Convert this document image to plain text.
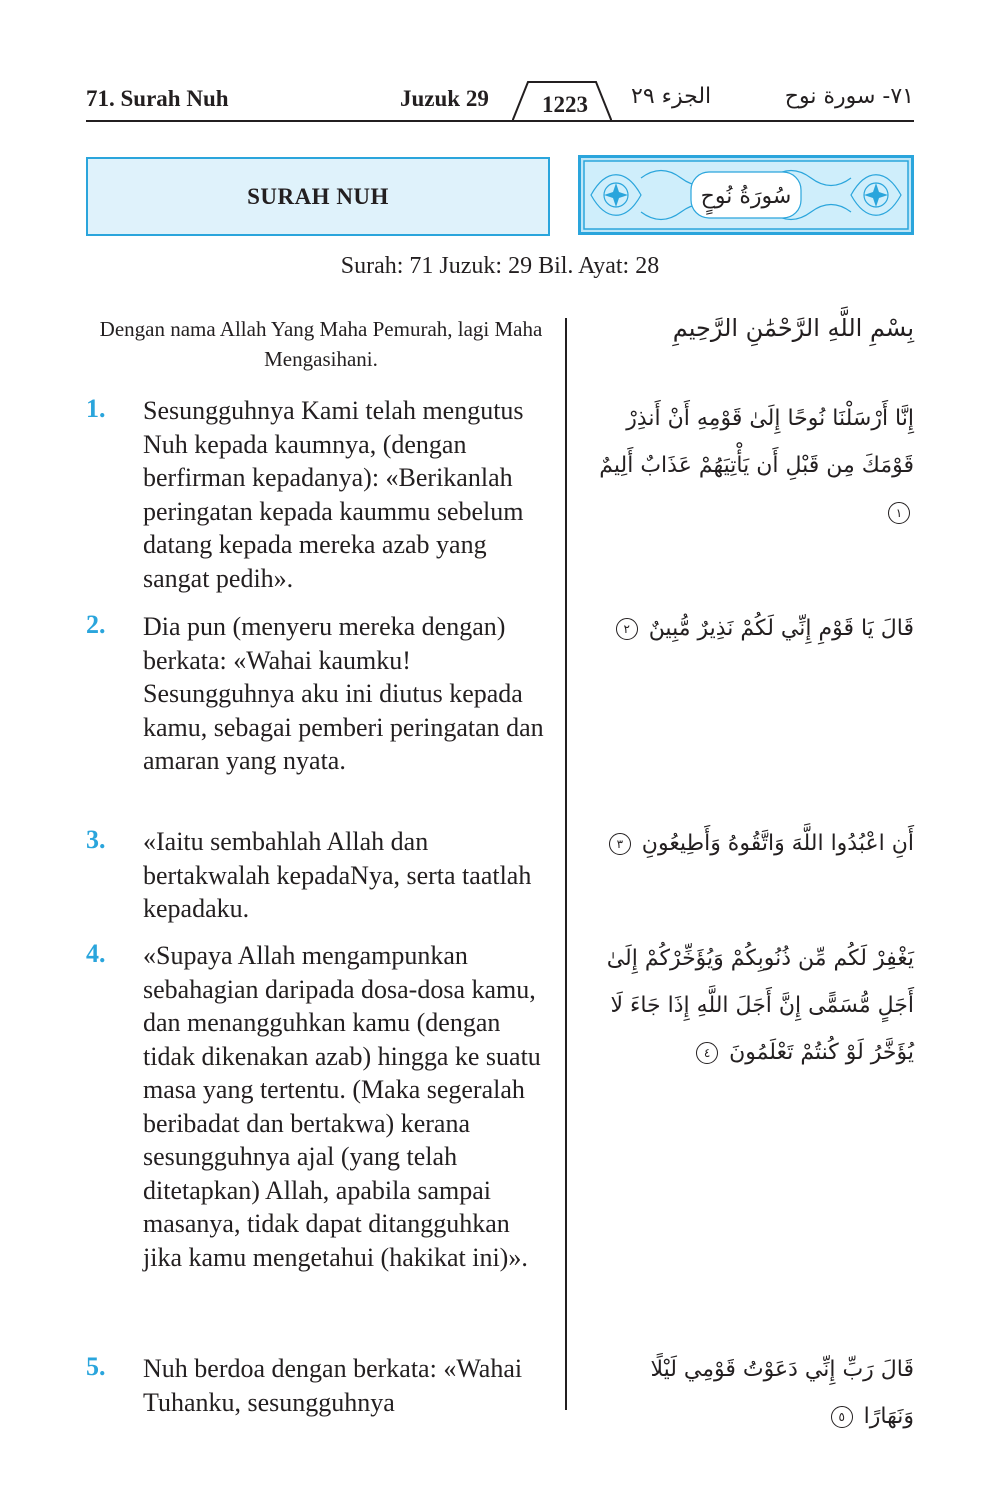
71. Surah Nuh	Juzuk 29 1223 الجزء ٢٩	٧١- سورة نوح
SURAH NUH	سُورَةُ نُوحٍ
Surah: 71 Juzuk: 29 Bil. Ayat: 28
Dengan nama Allah Yang Maha Pemurah, lagi Maha Mengasihani.
بِسْمِ اللَّهِ الرَّحْمَٰنِ الرَّحِيمِ
1. Sesungguhnya Kami telah mengutus Nuh kepada kaumnya, (dengan berfirman kepadanya): «Berikanlah peringatan kepada kaummu sebelum datang kepada mereka azab yang sangat pedih».
إِنَّا أَرْسَلْنَا نُوحًا إِلَىٰ قَوْمِهِ أَنْ أَنذِرْ قَوْمَكَ مِن قَبْلِ أَن يَأْتِيَهُمْ عَذَابٌ أَلِيمٌ ١
2. Dia pun (menyeru mereka dengan) berkata: «Wahai kaumku! Sesungguhnya aku ini diutus kepada kamu, sebagai pemberi peringatan dan amaran yang nyata.
قَالَ يَا قَوْمِ إِنِّي لَكُمْ نَذِيرٌ مُّبِينٌ ٢
3. «Iaitu sembahlah Allah dan bertakwalah kepadaNya, serta taatlah kepadaku.
أَنِ اعْبُدُوا اللَّهَ وَاتَّقُوهُ وَأَطِيعُونِ ٣
4. «Supaya Allah mengampunkan sebahagian daripada dosa-dosa kamu, dan menangguhkan kamu (dengan tidak dikenakan azab) hingga ke suatu masa yang tertentu. (Maka segeralah beribadat dan bertakwa) kerana sesungguhnya ajal (yang telah ditetapkan) Allah, apabila sampai masanya, tidak dapat ditangguhkan jika kamu mengetahui (hakikat ini)».
يَغْفِرْ لَكُم مِّن ذُنُوبِكُمْ وَيُؤَخِّرْكُمْ إِلَىٰ أَجَلٍ مُّسَمًّى إِنَّ أَجَلَ اللَّهِ إِذَا جَاءَ لَا يُؤَخَّرُ لَوْ كُنتُمْ تَعْلَمُونَ ٤
5. Nuh berdoa dengan berkata: «Wahai Tuhanku, sesungguhnya
قَالَ رَبِّ إِنِّي دَعَوْتُ قَوْمِي لَيْلًا وَنَهَارًا ٥
